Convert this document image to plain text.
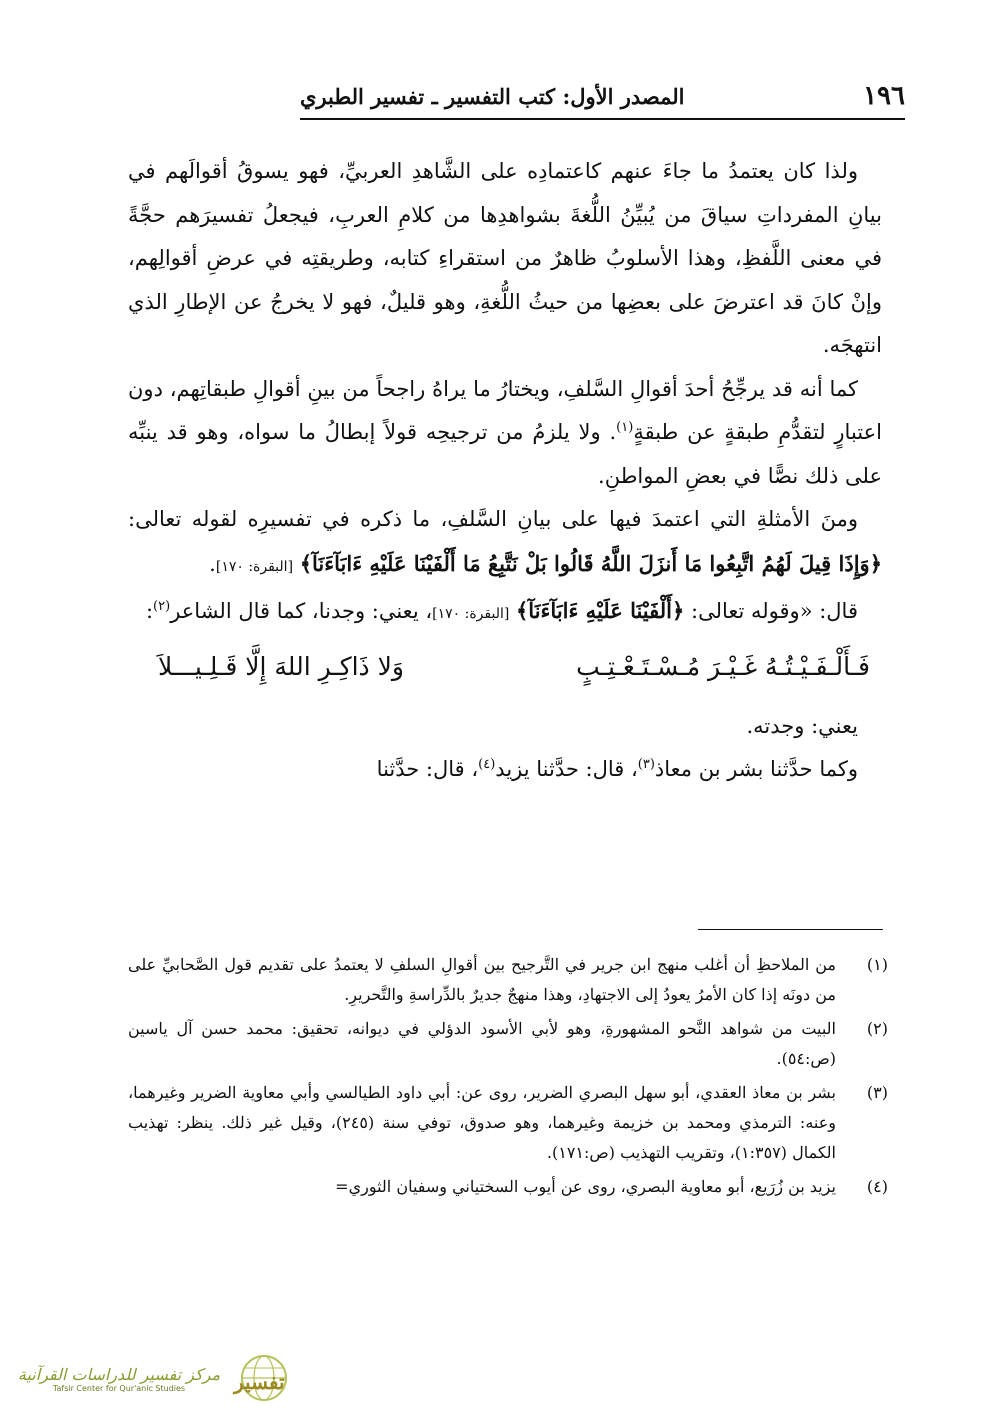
١٩٦
المصدر الأول: كتب التفسير ـ تفسير الطبري

ولذا كان يعتمدُ ما جاءَ عنهم كاعتمادِه على الشَّاهدِ العربيِّ، فهو يسوقُ أقوالَهم في بيانِ المفرداتِ سياقَ من يُبيِّنُ اللُّغةَ بشواهدِها من كلامِ العربِ، فيجعلُ تفسيرَهم حجَّةً في معنى اللَّفظِ، وهذا الأسلوبُ ظاهرٌ من استقراءِ كتابه، وطريقتِه في عرضِ أقوالِهم، وإنْ كانَ قد اعترضَ على بعضِها من حيثُ اللُّغةِ، وهو قليلٌ، فهو لا يخرجُ عن الإطارِ الذي انتهجَه.

كما أنه قد يرجِّحُ أحدَ أقوالِ السَّلفِ، ويختارُ ما يراهُ راجحاً من بينِ أقوالِ طبقاتِهم، دون اعتبارٍ لتقدُّمِ طبقةٍ عن طبقةٍ$^{(١)}$. ولا يلزمُ من ترجيحِه قولاً إبطالُ ما سواه، وهو قد ينبِّه على ذلك نصًّا في بعضِ المواطنِ.

ومنَ الأمثلةِ التي اعتمدَ فيها على بيانِ السَّلفِ، ما ذكره في تفسيرِه لقوله تعالى: ﴿وَإِذَا قِيلَ لَهُمُ اتَّبِعُوا مَا أَنزَلَ اللَّهُ قَالُوا بَلْ نَتَّبِعُ مَا أَلْفَيْنَا عَلَيْهِ ءَابَآءَنَآ﴾ [البقرة: ١٧٠].

قال: «وقوله تعالى: ﴿أَلْفَيْنَا عَلَيْهِ ءَابَآءَنَآ﴾ [البقرة: ١٧٠]، يعني: وجدنا، كما قال الشاعر$^{(٢)}$:

فَـأَلْـفَـيْـتُـهُ غَـيْـرَ مُـسْـتَـعْـتِـبٍ
وَلا ذَاكِـرِ اللهَ إِلَّا قَـلِـيـــلاَ

يعني: وجدته.

وكما حدَّثنا بشر بن معاذ$^{(٣)}$، قال: حدَّثنا يزيد$^{(٤)}$، قال: حدَّثنا

(١)
من الملاحظِ أن أغلب منهج ابن جرير في التَّرجيح بين أقوالِ السلفِ لا يعتمدُ على تقديم قول الصَّحابيِّ على من دونَه إذا كان الأمرُ يعودُ إلى الاجتهادِ، وهذا منهجٌ جديرٌ بالدِّراسةِ والتَّحريرِ.
(٢)
البيت من شواهد النَّحو المشهورةِ، وهو لأبي الأسود الدؤلي في ديوانه، تحقيق: محمد حسن آل ياسين (ص:٥٤).
(٣)
بشر بن معاذ العقدي، أبو سهل البصري الضرير، روى عن: أبي داود الطيالسي وأبي معاوية الضرير وغيرهما، وعنه: الترمذي ومحمد بن خزيمة وغيرهما، وهو صدوق، توفي سنة (٢٤٥)، وقيل غير ذلك. ينظر: تهذيب الكمال (١:٣٥٧)، وتقريب التهذيب (ص:١٧١).
(٤)
يزيد بن زُرَيع، أبو معاوية البصري، روى عن أيوب السختياني وسفيان الثوري=
مركز تفسير للدراسات القرآنية
Tafsir Center for Qur'anic Studies تفسير
